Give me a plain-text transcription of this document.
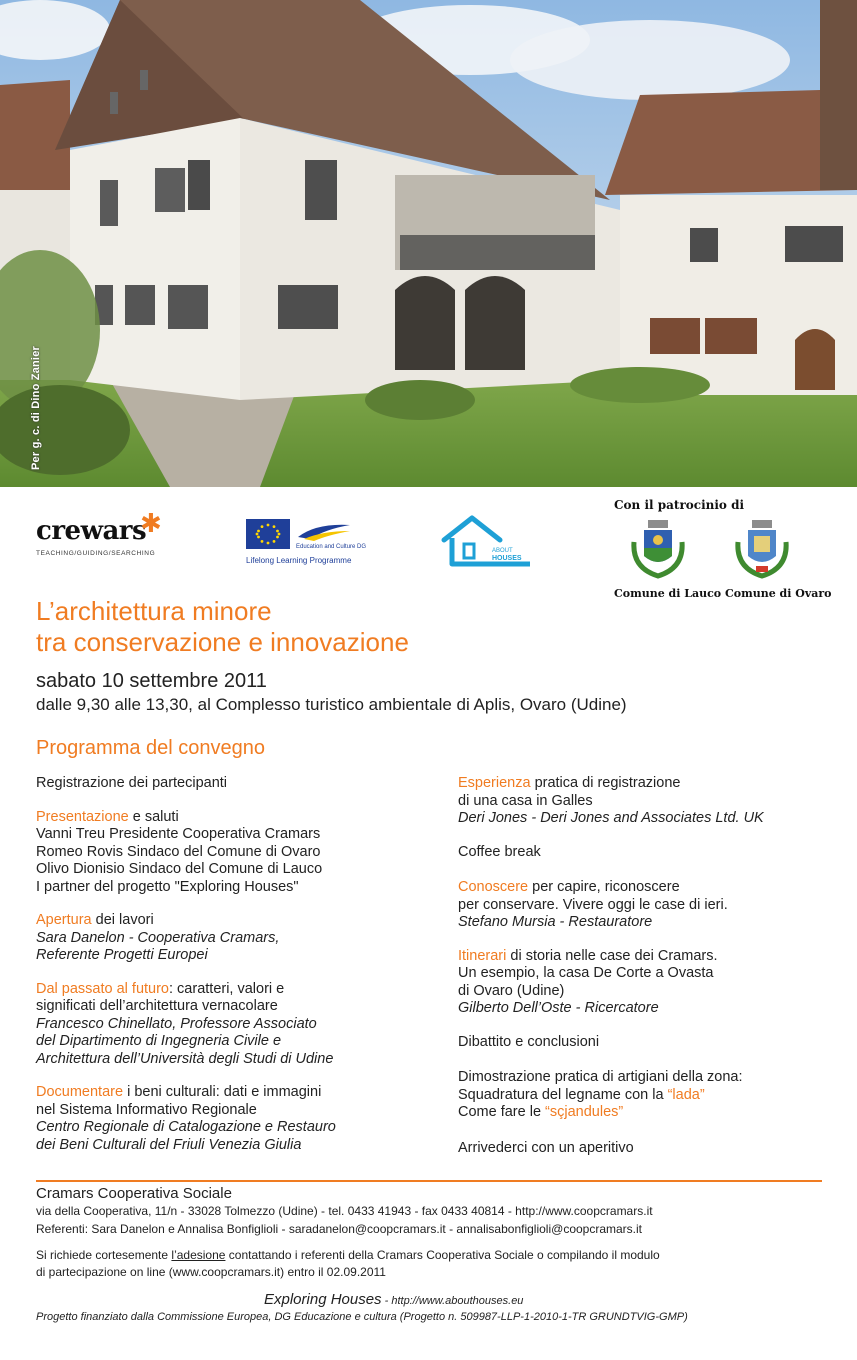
Per g. c. di Dino Zanier
crewars
✱
TEACHING/GUIDING/SEARCHING
Education and Culture DG
Lifelong Learning Programme
ABOUT
HOUSES
Con il patrocinio di
Comune di Lauco Comune di Ovaro
L’architettura minore
tra conservazione e innovazione
sabato 10 settembre 2011
dalle 9,30 alle 13,30, al Complesso turistico ambientale di Aplis, Ovaro (Udine)
Programma del convegno
Registrazione dei partecipanti
Presentazione e saluti
Vanni Treu Presidente Cooperativa Cramars
Romeo Rovis Sindaco del Comune di Ovaro
Olivo Dionisio Sindaco del Comune di Lauco
I partner del progetto "Exploring Houses"
Apertura dei lavori
Sara Danelon - Cooperativa Cramars,
Referente Progetti Europei
Dal passato al futuro: caratteri, valori e
significati dell’architettura vernacolare
Francesco Chinellato, Professore Associato
del Dipartimento di Ingegneria Civile e
Architettura dell’Università degli Studi di Udine
Documentare i beni culturali: dati e immagini
nel Sistema Informativo Regionale
Centro Regionale di Catalogazione e Restauro
dei Beni Culturali del Friuli Venezia Giulia
Esperienza pratica di registrazione
di una casa in Galles
Deri Jones - Deri Jones and Associates Ltd. UK
Coffee break
Conoscere per capire, riconoscere
per conservare. Vivere oggi le case di ieri.
Stefano Mursia - Restauratore
Itinerari di storia nelle case dei Cramars.
Un esempio, la casa De Corte a Ovasta
di Ovaro (Udine)
Gilberto Dell’Oste - Ricercatore
Dibattito e conclusioni
Dimostrazione pratica di artigiani della zona:
Squadratura del legname con la “lada”
Come fare le “sçjandules”
Arrivederci con un aperitivo
Cramars Cooperativa Sociale
via della Cooperativa, 11/n - 33028 Tolmezzo (Udine) - tel. 0433 41943 - fax 0433 40814 - http://www.coopcramars.it
Referenti: Sara Danelon e Annalisa Bonfiglioli - saradanelon@coopcramars.it - annalisabonfiglioli@coopcramars.it
Si richiede cortesemente l’adesione contattando i referenti della Cramars Cooperativa Sociale o compilando il modulo
di partecipazione on line (www.coopcramars.it) entro il 02.09.2011
Exploring Houses - http://www.abouthouses.eu
Progetto finanziato dalla Commissione Europea, DG Educazione e cultura (Progetto n. 509987-LLP-1-2010-1-TR GRUNDTVIG-GMP)
